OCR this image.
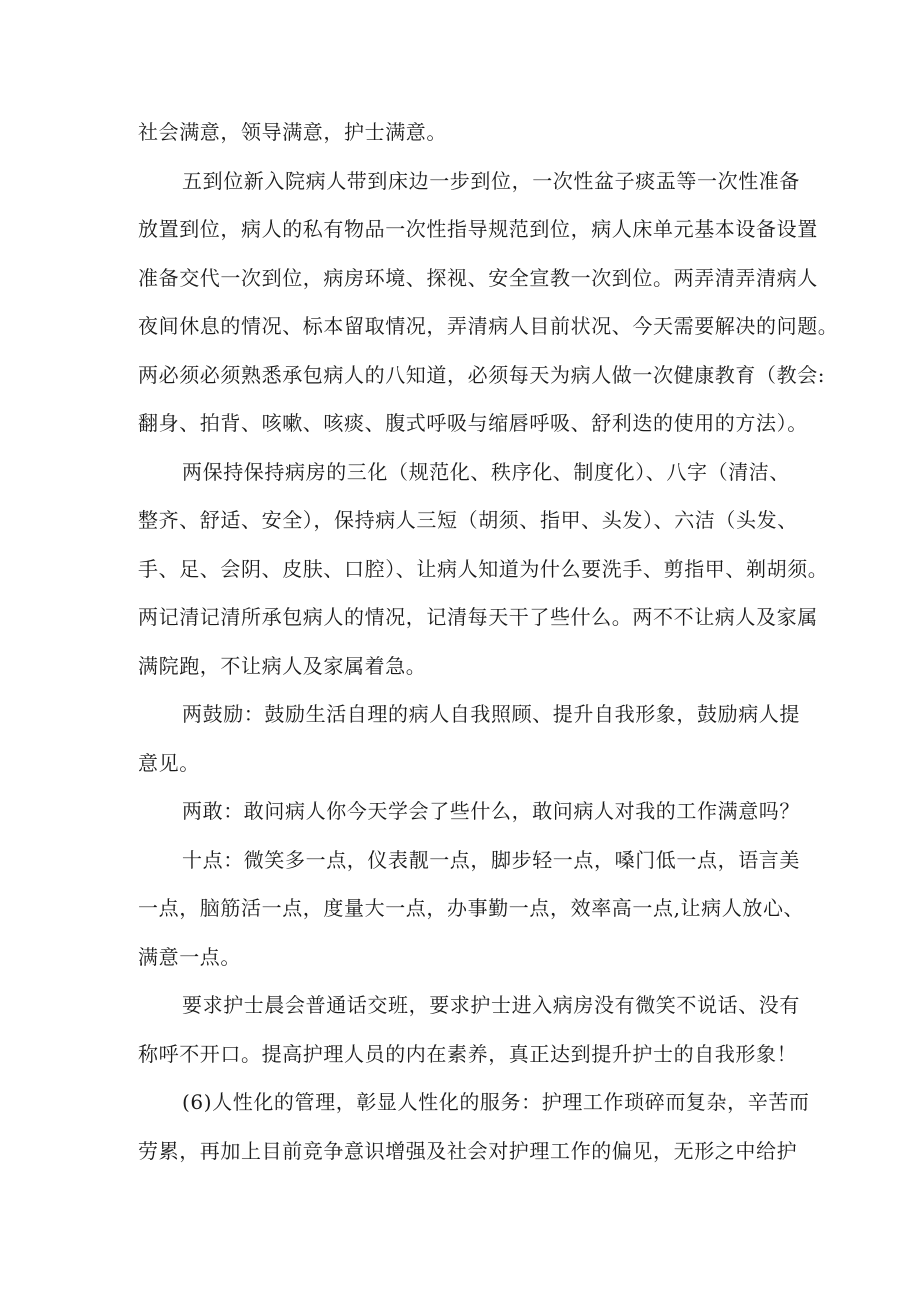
社会满意，领导满意，护士满意。
五到位新入院病人带到床边一步到位，一次性盆子痰盂等一次性准备
放置到位，病人的私有物品一次性指导规范到位，病人床单元基本设备设置
准备交代一次到位，病房环境、探视、安全宣教一次到位。两弄清弄清病人
夜间休息的情况、标本留取情况，弄清病人目前状况、今天需要解决的问题。
两必须必须熟悉承包病人的八知道，必须每天为病人做一次健康教育（教会:
翻身、拍背、咳嗽、咳痰、腹式呼吸与缩唇呼吸、舒利迭的使用的方法）。
两保持保持病房的三化（规范化、秩序化、制度化）、八字（清洁、
整齐、舒适、安全），保持病人三短（胡须、指甲、头发）、六洁（头发、
手、足、会阴、皮肤、口腔）、让病人知道为什么要洗手、剪指甲、剃胡须。
两记清记清所承包病人的情况，记清每天干了些什么。两不不让病人及家属
满院跑，不让病人及家属着急。
两鼓励：鼓励生活自理的病人自我照顾、提升自我形象，鼓励病人提
意见。
两敢：敢问病人你今天学会了些什么，敢问病人对我的工作满意吗？
十点：微笑多一点，仪表靓一点，脚步轻一点，嗓门低一点，语言美
一点，脑筋活一点，度量大一点，办事勤一点，效率高一点,让病人放心、
满意一点。
要求护士晨会普通话交班，要求护士进入病房没有微笑不说话、没有
称呼不开口。提高护理人员的内在素养，真正达到提升护士的自我形象！
(6)人性化的管理，彰显人性化的服务：护理工作琐碎而复杂，辛苦而
劳累，再加上目前竞争意识增强及社会对护理工作的偏见，无形之中给护
